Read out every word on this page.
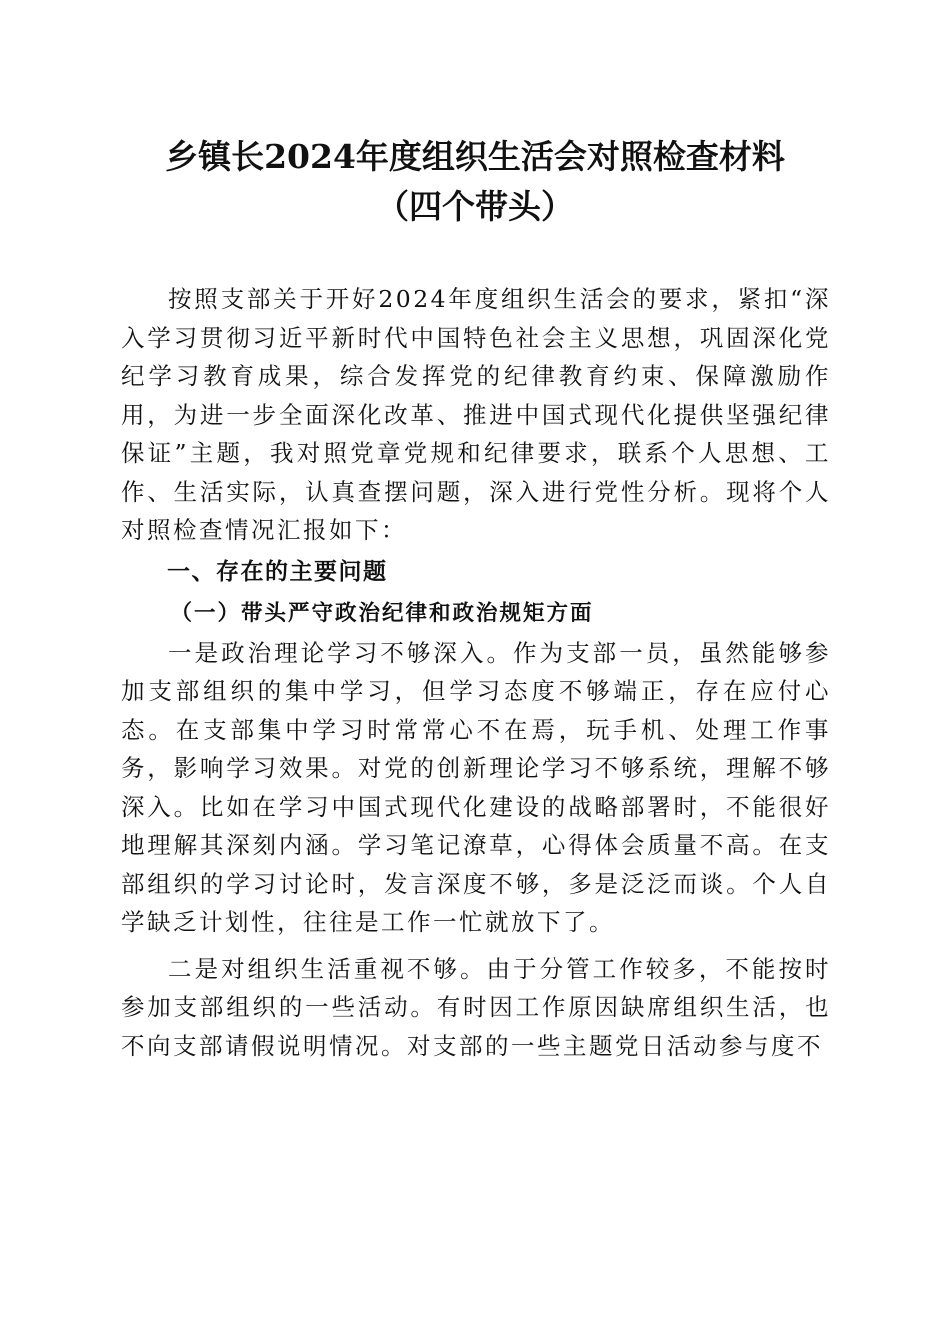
乡镇长2024年度组织生活会对照检查材料
（四个带头）

按照支部关于开好2024年度组织生活会的要求，紧扣“深入学习贯彻习近平新时代中国特色社会主义思想，巩固深化党纪学习教育成果，综合发挥党的纪律教育约束、保障激励作用，为进一步全面深化改革、推进中国式现代化提供坚强纪律保证”主题，我对照党章党规和纪律要求，联系个人思想、工作、生活实际，认真查摆问题，深入进行党性分析。现将个人对照检查情况汇报如下：

一、存在的主要问题
（一）带头严守政治纪律和政治规矩方面

一是政治理论学习不够深入。作为支部一员，虽然能够参加支部组织的集中学习，但学习态度不够端正，存在应付心态。在支部集中学习时常常心不在焉，玩手机、处理工作事务，影响学习效果。对党的创新理论学习不够系统，理解不够深入。比如在学习中国式现代化建设的战略部署时，不能很好地理解其深刻内涵。学习笔记潦草，心得体会质量不高。在支部组织的学习讨论时，发言深度不够，多是泛泛而谈。个人自学缺乏计划性，往往是工作一忙就放下了。

二是对组织生活重视不够。由于分管工作较多，不能按时参加支部组织的一些活动。有时因工作原因缺席组织生活，也不向支部请假说明情况。对支部的一些主题党日活动参与度不
